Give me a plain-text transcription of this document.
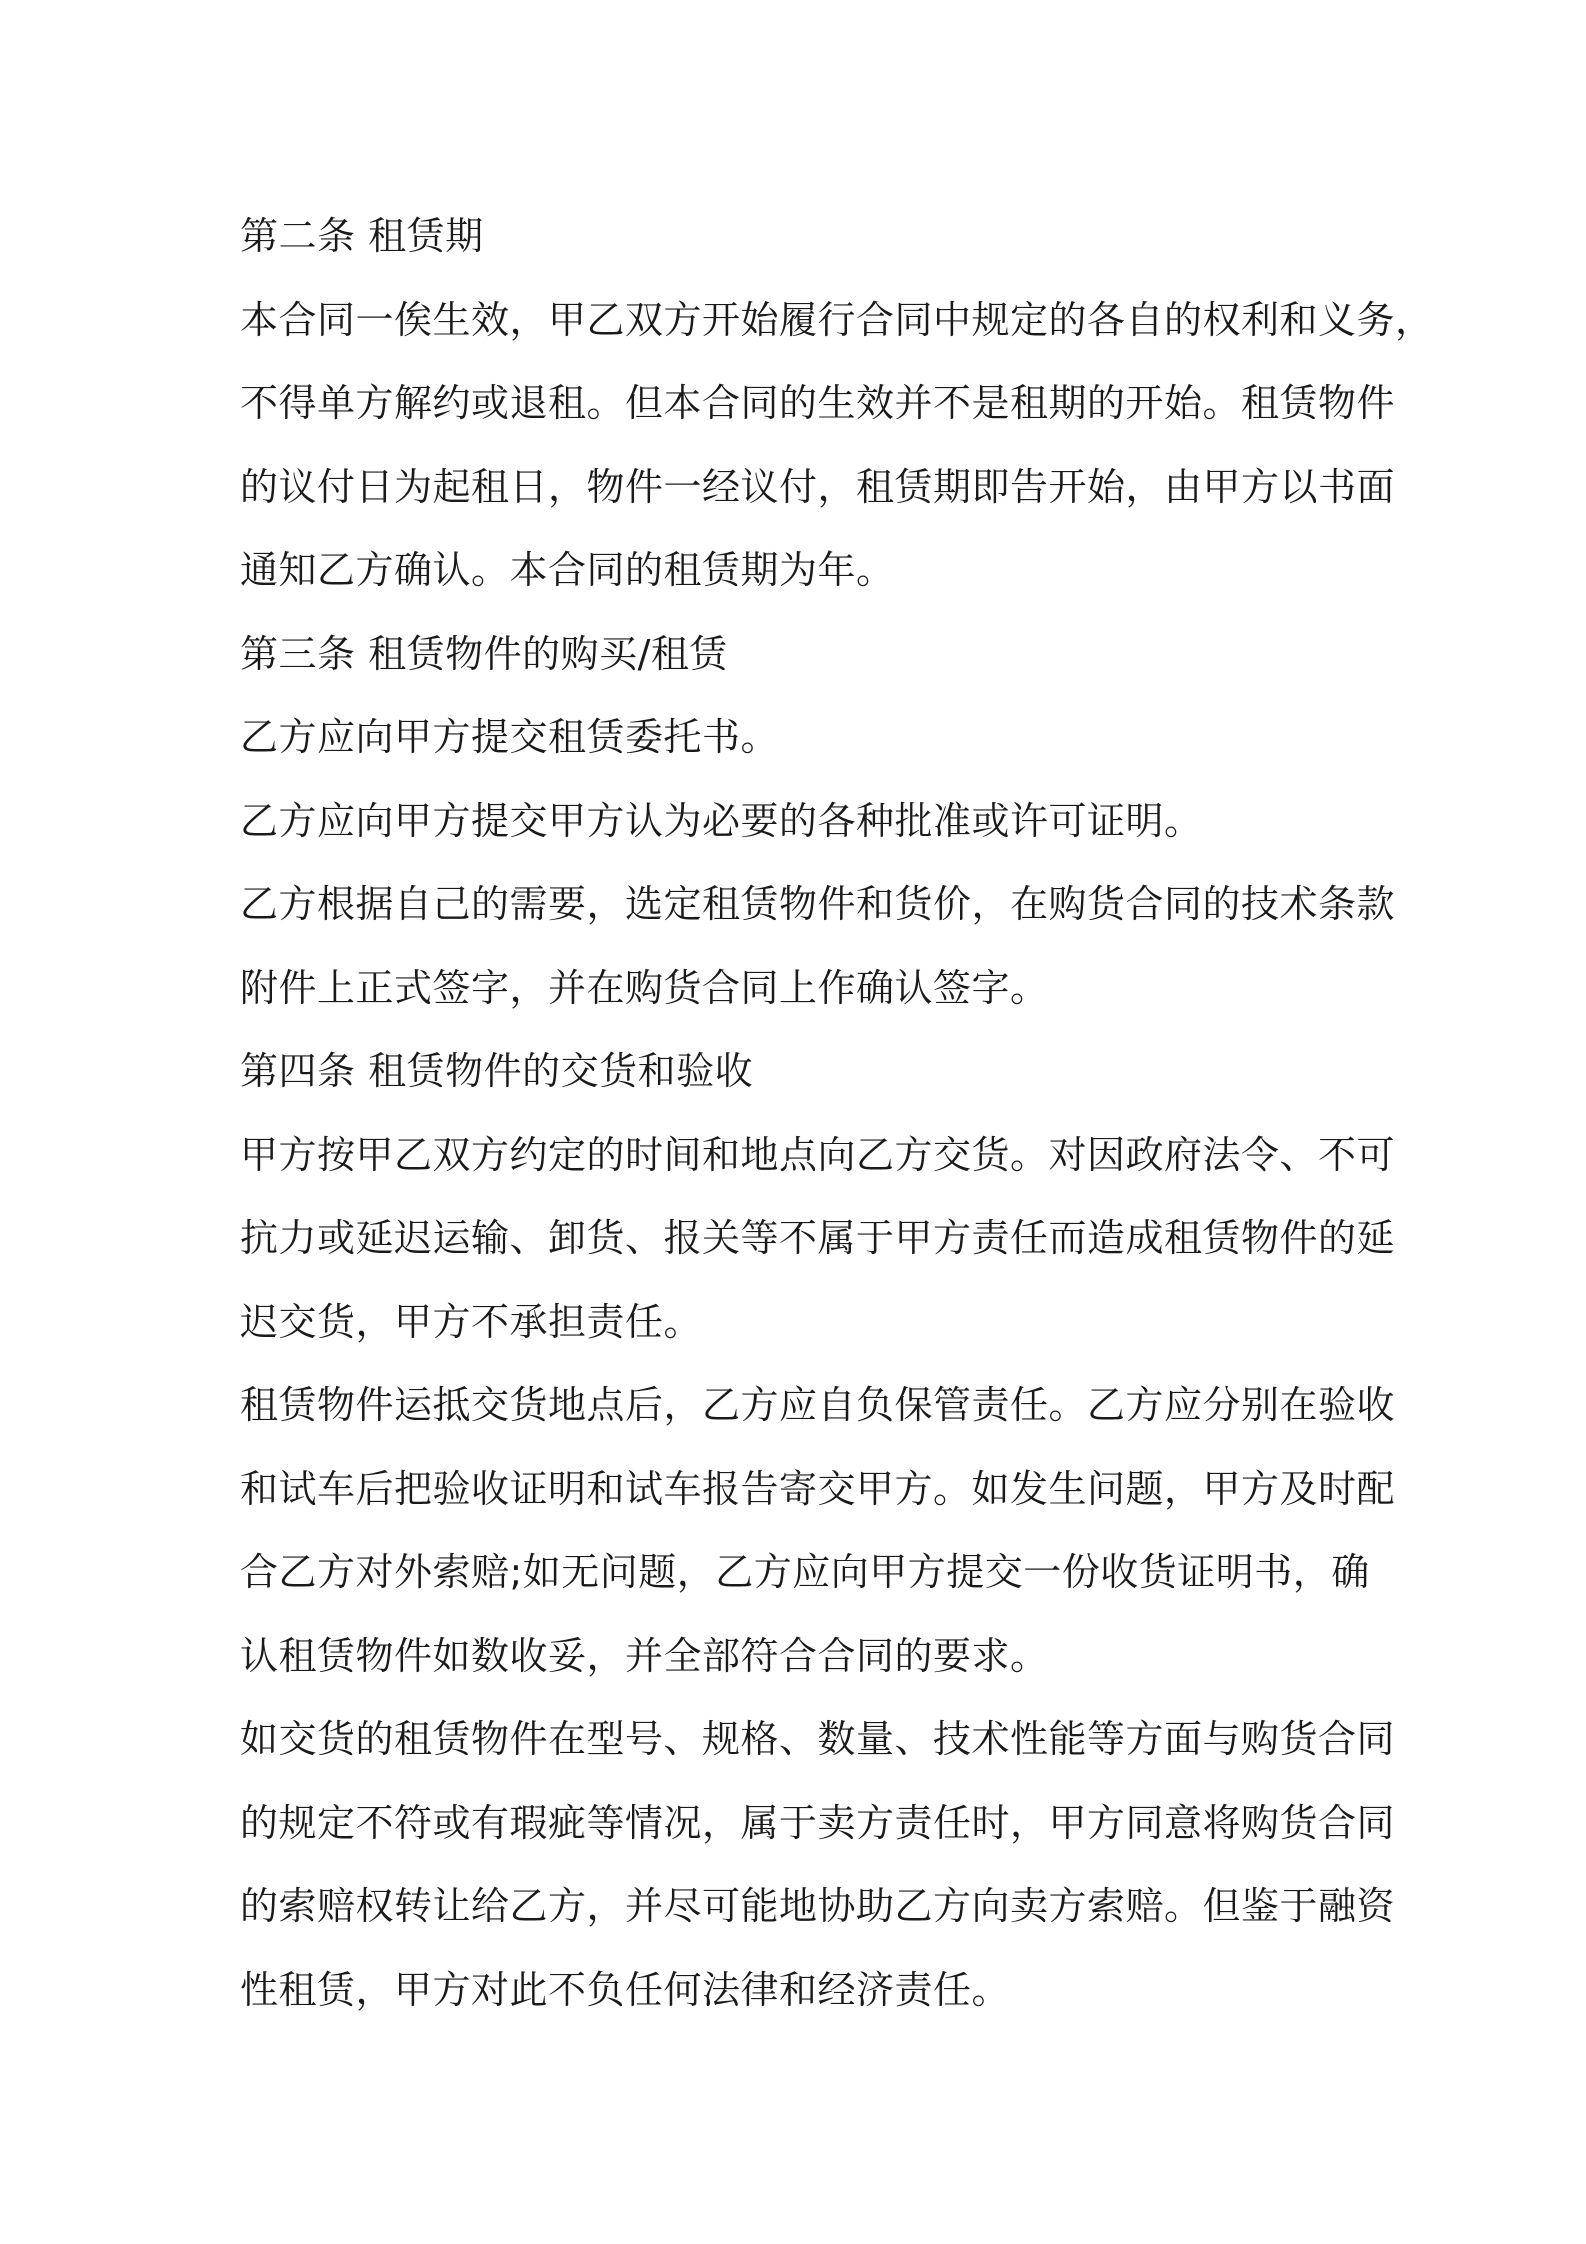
第二条 租赁期
本合同一俟生效，甲乙双方开始履行合同中规定的各自的权利和义务，
不得单方解约或退租。但本合同的生效并不是租期的开始。租赁物件
的议付日为起租日，物件一经议付，租赁期即告开始，由甲方以书面
通知乙方确认。本合同的租赁期为年。
第三条 租赁物件的购买/租赁
乙方应向甲方提交租赁委托书。
乙方应向甲方提交甲方认为必要的各种批准或许可证明。
乙方根据自己的需要，选定租赁物件和货价，在购货合同的技术条款
附件上正式签字，并在购货合同上作确认签字。
第四条 租赁物件的交货和验收
甲方按甲乙双方约定的时间和地点向乙方交货。对因政府法令、不可
抗力或延迟运输、卸货、报关等不属于甲方责任而造成租赁物件的延
迟交货，甲方不承担责任。
租赁物件运抵交货地点后，乙方应自负保管责任。乙方应分别在验收
和试车后把验收证明和试车报告寄交甲方。如发生问题，甲方及时配
合乙方对外索赔;如无问题，乙方应向甲方提交一份收货证明书，确
认租赁物件如数收妥，并全部符合合同的要求。
如交货的租赁物件在型号、规格、数量、技术性能等方面与购货合同
的规定不符或有瑕疵等情况，属于卖方责任时，甲方同意将购货合同
的索赔权转让给乙方，并尽可能地协助乙方向卖方索赔。但鉴于融资
性租赁，甲方对此不负任何法律和经济责任。
